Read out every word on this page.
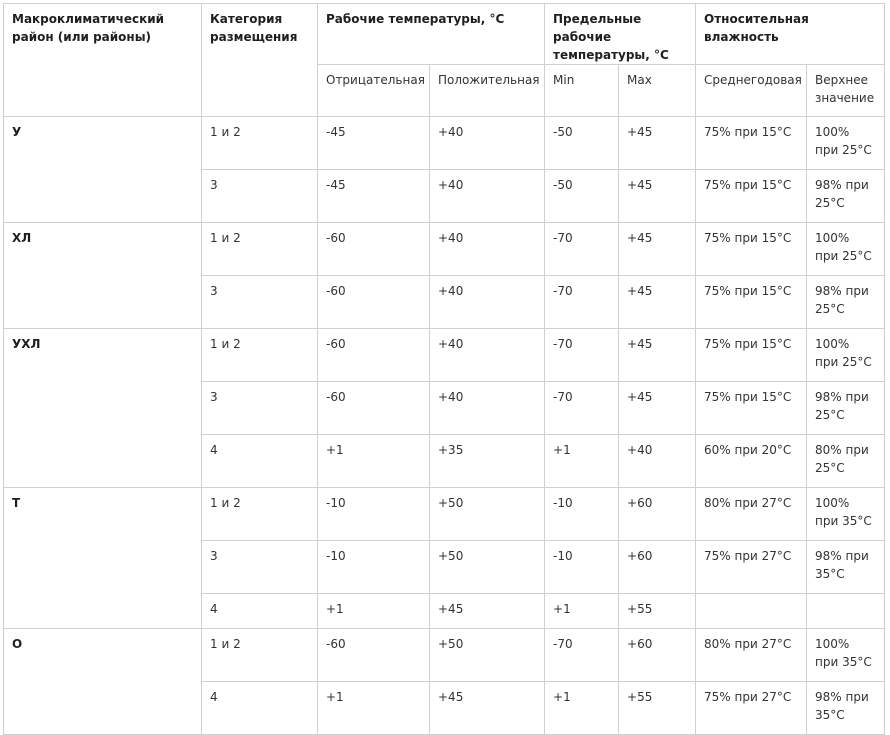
Макроклиматический район (или районы)	Категория размещения	Рабочие температуры, °С		Предельные рабочие температуры, °С		Относительная влажность	
		Отрицательная	Положительная	Min	Max	Среднегодовая	Верхнее значение
У	1 и 2	-45	+40	-50	+45	75% при 15°С	100% при 25°С
	3	-45	+40	-50	+45	75% при 15°С	98% при 25°С
ХЛ	1 и 2	-60	+40	-70	+45	75% при 15°С	100% при 25°С
	3	-60	+40	-70	+45	75% при 15°С	98% при 25°С
УХЛ	1 и 2	-60	+40	-70	+45	75% при 15°С	100% при 25°С
	3	-60	+40	-70	+45	75% при 15°С	98% при 25°С
	4	+1	+35	+1	+40	60% при 20°С	80% при 25°С
Т	1 и 2	-10	+50	-10	+60	80% при 27°С	100% при 35°С
	3	-10	+50	-10	+60	75% при 27°С	98% при 35°С
	4	+1	+45	+1	+55		
О	1 и 2	-60	+50	-70	+60	80% при 27°С	100% при 35°С
	4	+1	+45	+1	+55	75% при 27°С	98% при 35°С
